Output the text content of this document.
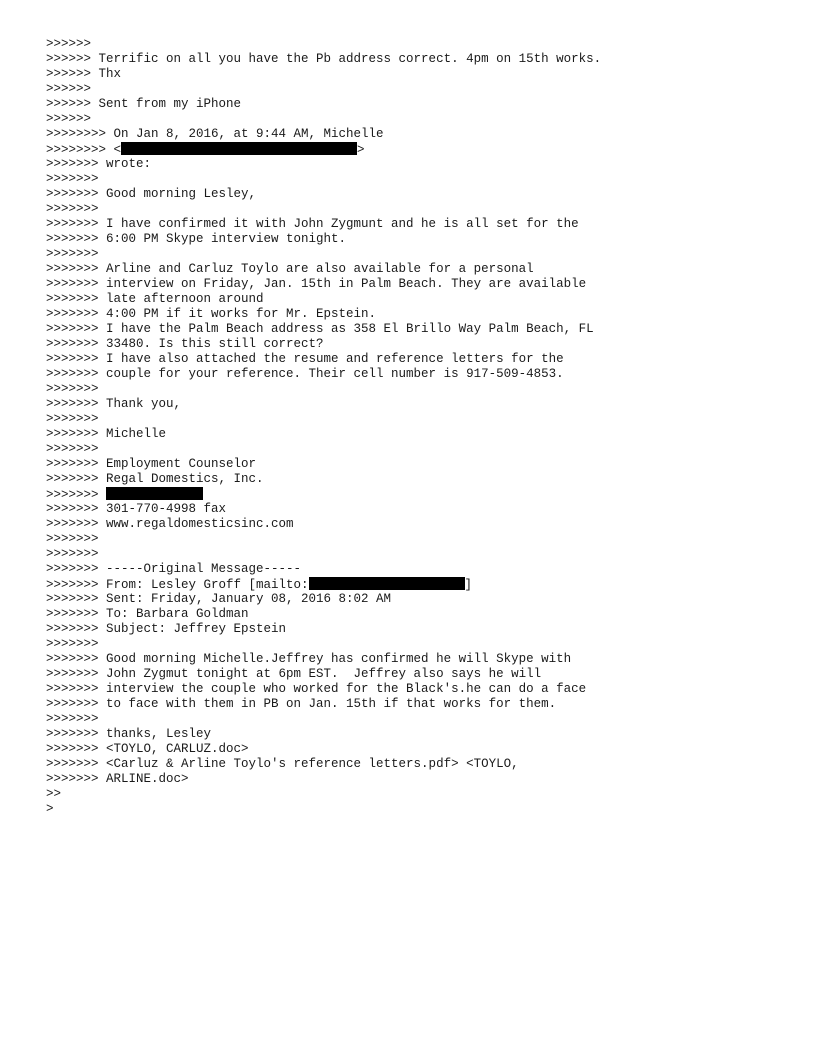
>>>>>>
>>>>>> Terrific on all you have the Pb address correct. 4pm on 15th works.
>>>>>> Thx
>>>>>>
>>>>>> Sent from my iPhone
>>>>>>
>>>>>>>> On Jan 8, 2016, at 9:44 AM, Michelle
>>>>>>>> <	>
>>>>>>> wrote:
>>>>>>>
>>>>>>> Good morning Lesley,
>>>>>>>
>>>>>>> I have confirmed it with John Zygmunt and he is all set for the
>>>>>>> 6:00 PM Skype interview tonight.
>>>>>>>
>>>>>>> Arline and Carluz Toylo are also available for a personal
>>>>>>> interview on Friday, Jan. 15th in Palm Beach. They are available
>>>>>>> late afternoon around
>>>>>>> 4:00 PM if it works for Mr. Epstein.
>>>>>>> I have the Palm Beach address as 358 El Brillo Way Palm Beach, FL
>>>>>>> 33480. Is this still correct?
>>>>>>> I have also attached the resume and reference letters for the
>>>>>>> couple for your reference. Their cell number is 917-509-4853.
>>>>>>>
>>>>>>> Thank you,
>>>>>>>
>>>>>>> Michelle
>>>>>>>
>>>>>>> Employment Counselor
>>>>>>> Regal Domestics, Inc.
>>>>>>>
>>>>>>> 301-770-4998 fax
>>>>>>> www.regaldomesticsinc.com
>>>>>>>
>>>>>>>
>>>>>>> -----Original Message-----
>>>>>>> From: Lesley Groff [mailto:	]
>>>>>>> Sent: Friday, January 08, 2016 8:02 AM
>>>>>>> To: Barbara Goldman
>>>>>>> Subject: Jeffrey Epstein
>>>>>>>
>>>>>>> Good morning Michelle.Jeffrey has confirmed he will Skype with
>>>>>>> John Zygmut tonight at 6pm EST.  Jeffrey also says he will
>>>>>>> interview the couple who worked for the Black's.he can do a face
>>>>>>> to face with them in PB on Jan. 15th if that works for them.
>>>>>>>
>>>>>>> thanks, Lesley
>>>>>>> <TOYLO, CARLUZ.doc>
>>>>>>> <Carluz & Arline Toylo's reference letters.pdf> <TOYLO,
>>>>>>> ARLINE.doc>
>>
>
